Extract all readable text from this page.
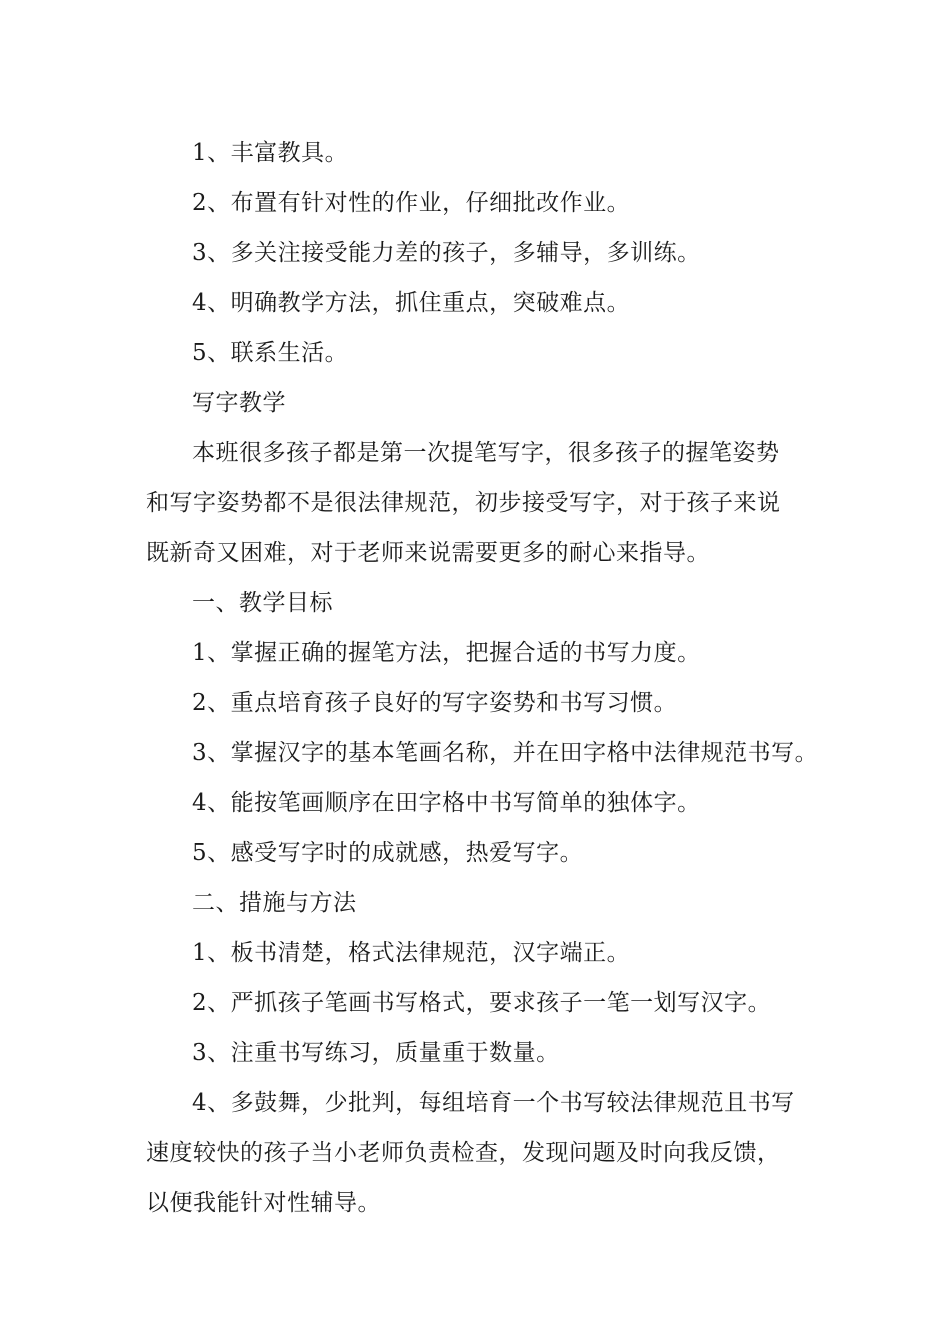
1、丰富教具。
2、布置有针对性的作业，仔细批改作业。
3、多关注接受能力差的孩子，多辅导，多训练。
4、明确教学方法，抓住重点，突破难点。
5、联系生活。
写字教学
本班很多孩子都是第一次提笔写字，很多孩子的握笔姿势
和写字姿势都不是很法律规范，初步接受写字，对于孩子来说
既新奇又困难，对于老师来说需要更多的耐心来指导。
一、教学目标
1、掌握正确的握笔方法，把握合适的书写力度。
2、重点培育孩子良好的写字姿势和书写习惯。
3、掌握汉字的基本笔画名称，并在田字格中法律规范书写。
4、能按笔画顺序在田字格中书写简单的独体字。
5、感受写字时的成就感，热爱写字。
二、措施与方法
1、板书清楚，格式法律规范，汉字端正。
2、严抓孩子笔画书写格式，要求孩子一笔一划写汉字。
3、注重书写练习，质量重于数量。
4、多鼓舞，少批判，每组培育一个书写较法律规范且书写
速度较快的孩子当小老师负责检查，发现问题及时向我反馈，
以便我能针对性辅导。
